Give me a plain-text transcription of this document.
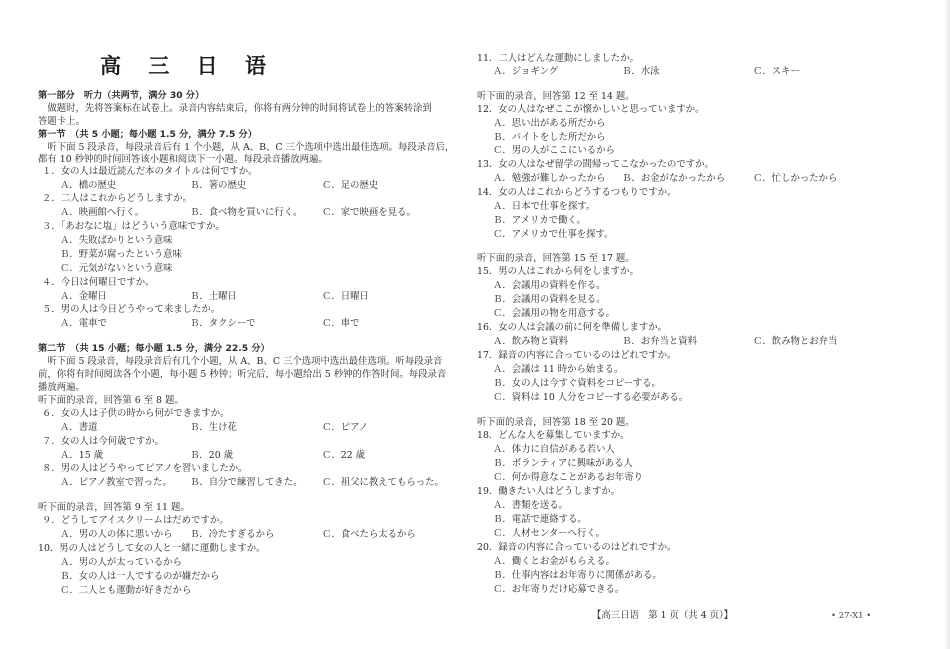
高 三 日 语
第一部分　听力（共两节，满分 30 分）
　做题时，先将答案标在试卷上。录音内容结束后，你将有两分钟的时间将试卷上的答案转涂到
答题卡上。
第一节　（共 5 小题；每小题 1.5 分，满分 7.5 分）
　听下面 5 段录音，每段录音后有 1 个小题，从 A、B、C 三个选项中选出最佳选项。每段录音后，
都有 10 秒钟的时间回答该小题和阅读下一小题。每段录音播放两遍。
１．女の人は最近読んだ本のタイトルは何ですか。
Ａ．橋の歴史	Ｂ．箸の歴史	Ｃ．足の歴史
２．二人はこれからどうしますか。
Ａ．映画館へ行く。	Ｂ．食べ物を買いに行く。 Ｃ．家で映画を見る。
３．「あおなに塩」はどういう意味ですか。
Ａ．失敗ばかりという意味
Ｂ．野菜が腐ったという意味
Ｃ．元気がないという意味
４．今日は何曜日ですか。
Ａ．金曜日	Ｂ．土曜日	Ｃ．日曜日
５．男の人は今日どうやって来ましたか。
Ａ．電車で	Ｂ．タクシーで	Ｃ．車で
第二节　（共 15 小题；每小题 1.5 分，满分 22.5 分）
　听下面 5 段录音，每段录音后有几个小题，从 A、B、C 三个选项中选出最佳选项。听每段录音
前，你将有时间阅读各个小题，每小题 5 秒钟；听完后，每小题给出 5 秒钟的作答时间。每段录音
播放两遍。
听下面的录音，回答第 6 至 8 题。
６．女の人は子供の時から何ができますか。
Ａ．書道	Ｂ．生け花	Ｃ．ピアノ
７．女の人は今何歳ですか。
Ａ．15 歳	Ｂ．20 歳	Ｃ．22 歳
８．男の人はどうやってピアノを習いましたか。
Ａ．ピアノ教室で習った。 Ｂ．自分で練習してきた。 Ｃ．祖父に教えてもらった。
听下面的录音，回答第 9 至 11 题。
９．どうしてアイスクリームはだめですか。
Ａ．男の人の体に悪いから Ｂ．冷たすぎるから	Ｃ．食べたら太るから
10．男の人はどうして女の人と一緒に運動しますか。
Ａ．男の人が太っているから
Ｂ．女の人は一人でするのが嫌だから
Ｃ．二人とも運動が好きだから
11．二人はどんな運動にしましたか。
Ａ．ジョギング	Ｂ．水泳	Ｃ．スキー
听下面的录音，回答第 12 至 14 题。
12．女の人はなぜここが懐かしいと思っていますか。
Ａ．思い出がある所だから
Ｂ．バイトをした所だから
Ｃ．男の人がここにいるから
13．女の人はなぜ留学の間帰ってこなかったのですか。
Ａ．勉強が難しかったから Ｂ．お金がなかったから	Ｃ．忙しかったから
14．女の人はこれからどうするつもりですか。
Ａ．日本で仕事を探す。
Ｂ．アメリカで働く。
Ｃ．アメリカで仕事を探す。
听下面的录音，回答第 15 至 17 题。
15．男の人はこれから何をしますか。
Ａ．会議用の資料を作る。
Ｂ．会議用の資料を見る。
Ｃ．会議用の物を用意する。
16．女の人は会議の前に何を準備しますか。
Ａ．飲み物と資料	Ｂ．お弁当と資料	Ｃ．飲み物とお弁当
17．録音の内容に合っているのはどれですか。
Ａ．会議は 11 時から始まる。
Ｂ．女の人は今すぐ資料をコピーする。
Ｃ．資料は 10 人分をコピーする必要がある。
听下面的录音，回答第 18 至 20 题。
18．どんな人を募集していますか。
Ａ．体力に自信がある若い人
Ｂ．ボランティアに興味がある人
Ｃ．何か得意なことがあるお年寄り
19．働きたい人はどうしますか。
Ａ．書類を送る。
Ｂ．電話で連絡する。
Ｃ．人材センターへ行く。
20．録音の内容に合っているのはどれですか。
Ａ．働くとお金がもらえる。
Ｂ．仕事内容はお年寄りに関係がある。
Ｃ．お年寄りだけ応募できる。
【高三日语　第 1 页（共 4 页）】	• 27-X1 •
